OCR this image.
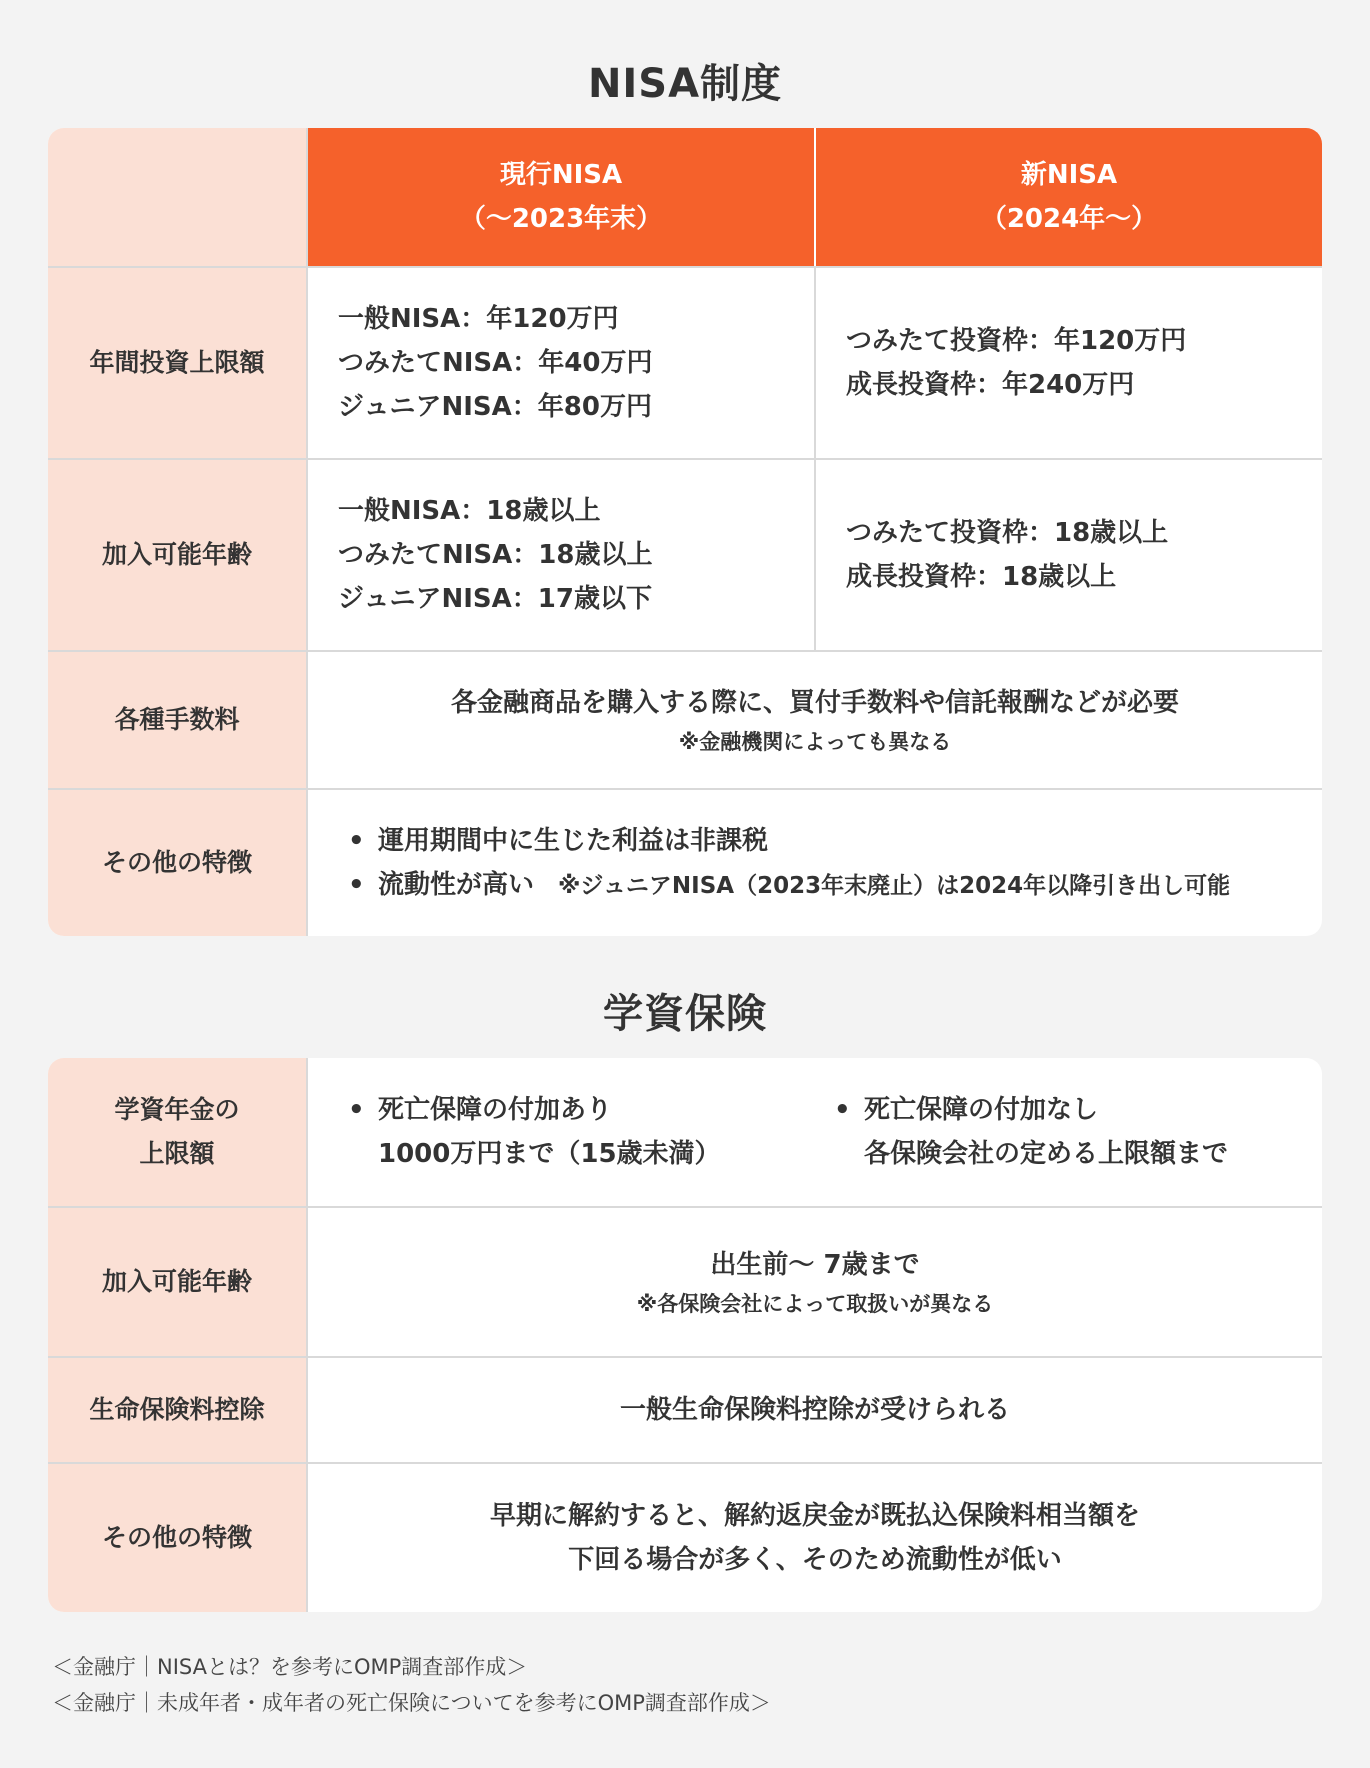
NISA制度
現行NISA
（〜2023年末）
新NISA
（2024年〜）
年間投資上限額
一般NISA：年120万円
つみたてNISA：年40万円
ジュニアNISA：年80万円
つみたて投資枠：年120万円
成長投資枠：年240万円
加入可能年齢
一般NISA：18歳以上
つみたてNISA：18歳以上
ジュニアNISA：17歳以下
つみたて投資枠：18歳以上
成長投資枠：18歳以上
各種手数料
各金融商品を購入する際に、買付手数料や信託報酬などが必要
※金融機関によっても異なる
その他の特徴
• 運用期間中に生じた利益は非課税
• 流動性が高い ※ジュニアNISA（2023年末廃止）は2024年以降引き出し可能
学資保険
学資年金の
上限額
• 死亡保障の付加あり
1000万円まで（15歳未満）
• 死亡保障の付加なし
各保険会社の定める上限額まで
加入可能年齢
出生前〜 7歳まで
※各保険会社によって取扱いが異なる
生命保険料控除	一般生命保険料控除が受けられる
その他の特徴
早期に解約すると、解約返戻金が既払込保険料相当額を
下回る場合が多く、そのため流動性が低い
＜金融庁｜NISAとは？を参考にOMP調査部作成＞
＜金融庁｜未成年者・成年者の死亡保険についてを参考にOMP調査部作成＞
